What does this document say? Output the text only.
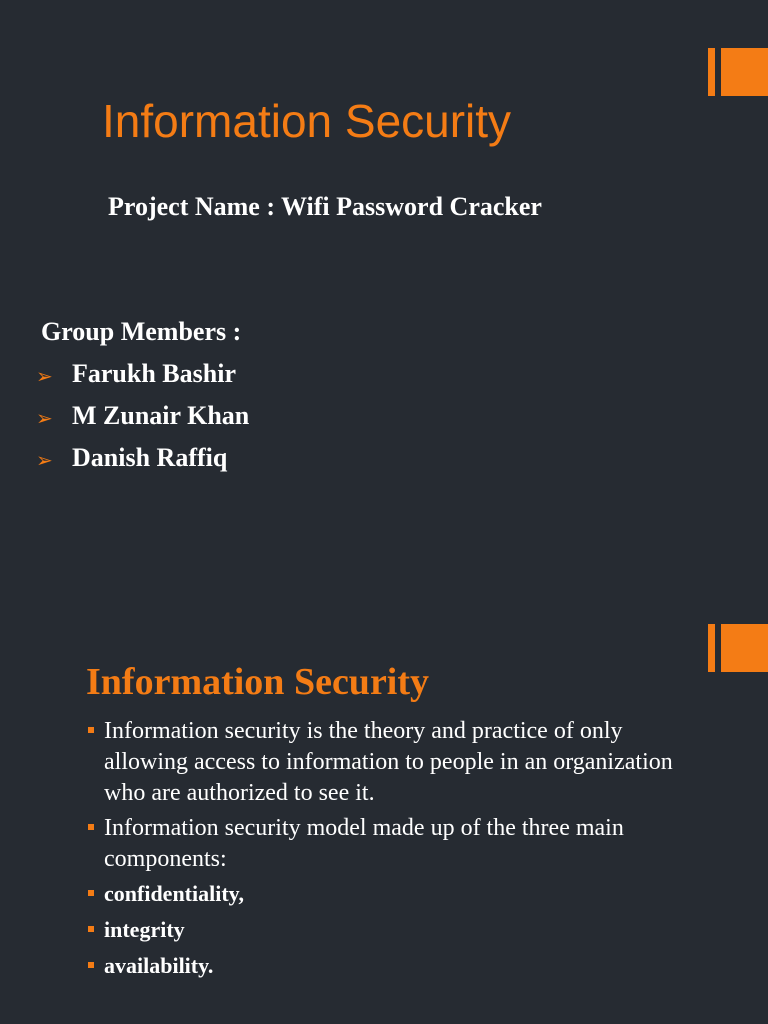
Information Security
Project Name : Wifi Password Cracker
Group Members :
➢ Farukh Bashir
➢ M Zunair Khan
➢ Danish Raffiq
Information Security
Information security is the theory and practice of only allowing access to information to people in an organization who are authorized to see it.
Information security model made up of the three main components:
confidentiality,
integrity
availability.
